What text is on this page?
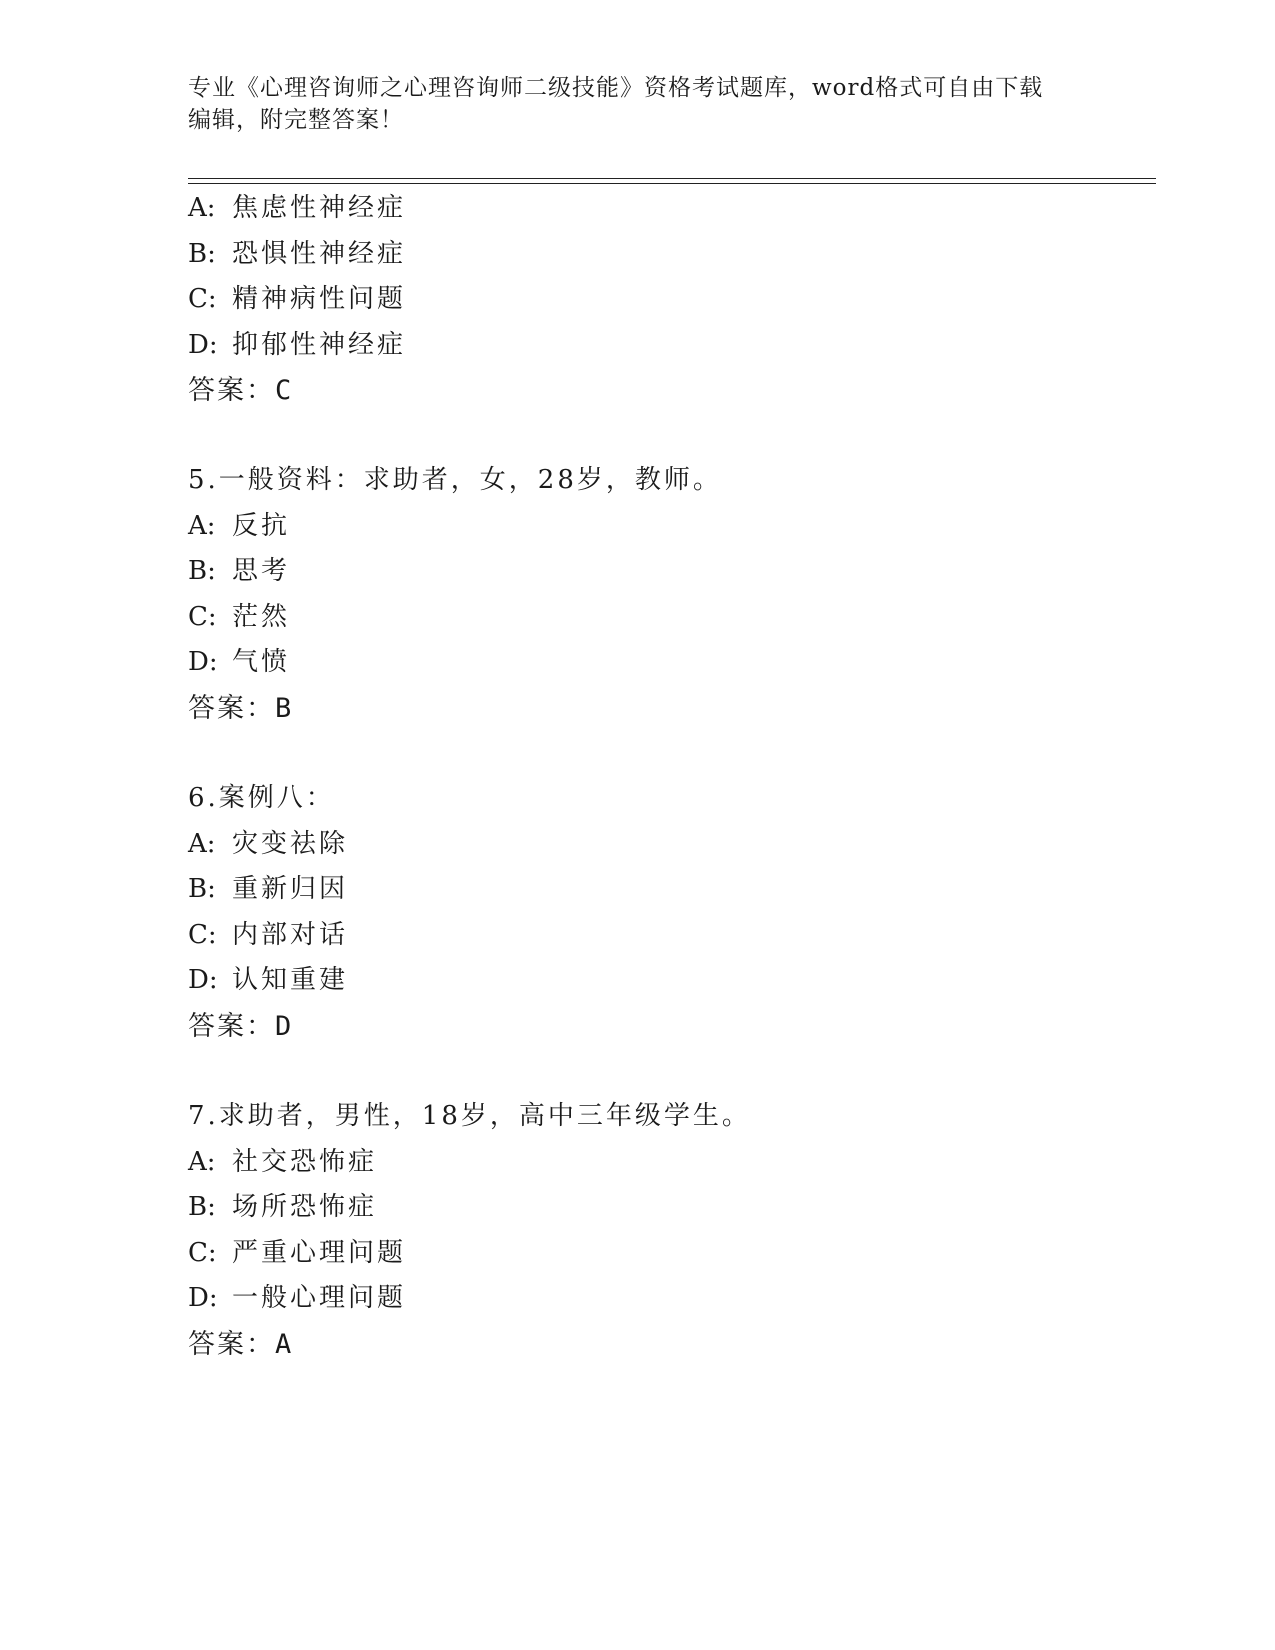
专业《心理咨询师之心理咨询师二级技能》资格考试题库，word格式可自由下载
编辑，附完整答案！
A: 焦虑性神经症
B: 恐惧性神经症
C: 精神病性问题
D: 抑郁性神经症
答案：C
5.一般资料：求助者，女，28岁，教师。
A: 反抗
B: 思考
C: 茫然
D: 气愤
答案：B
6.案例八：
A: 灾变祛除
B: 重新归因
C: 内部对话
D: 认知重建
答案：D
7.求助者，男性，18岁，高中三年级学生。
A: 社交恐怖症
B: 场所恐怖症
C: 严重心理问题
D: 一般心理问题
答案：A
